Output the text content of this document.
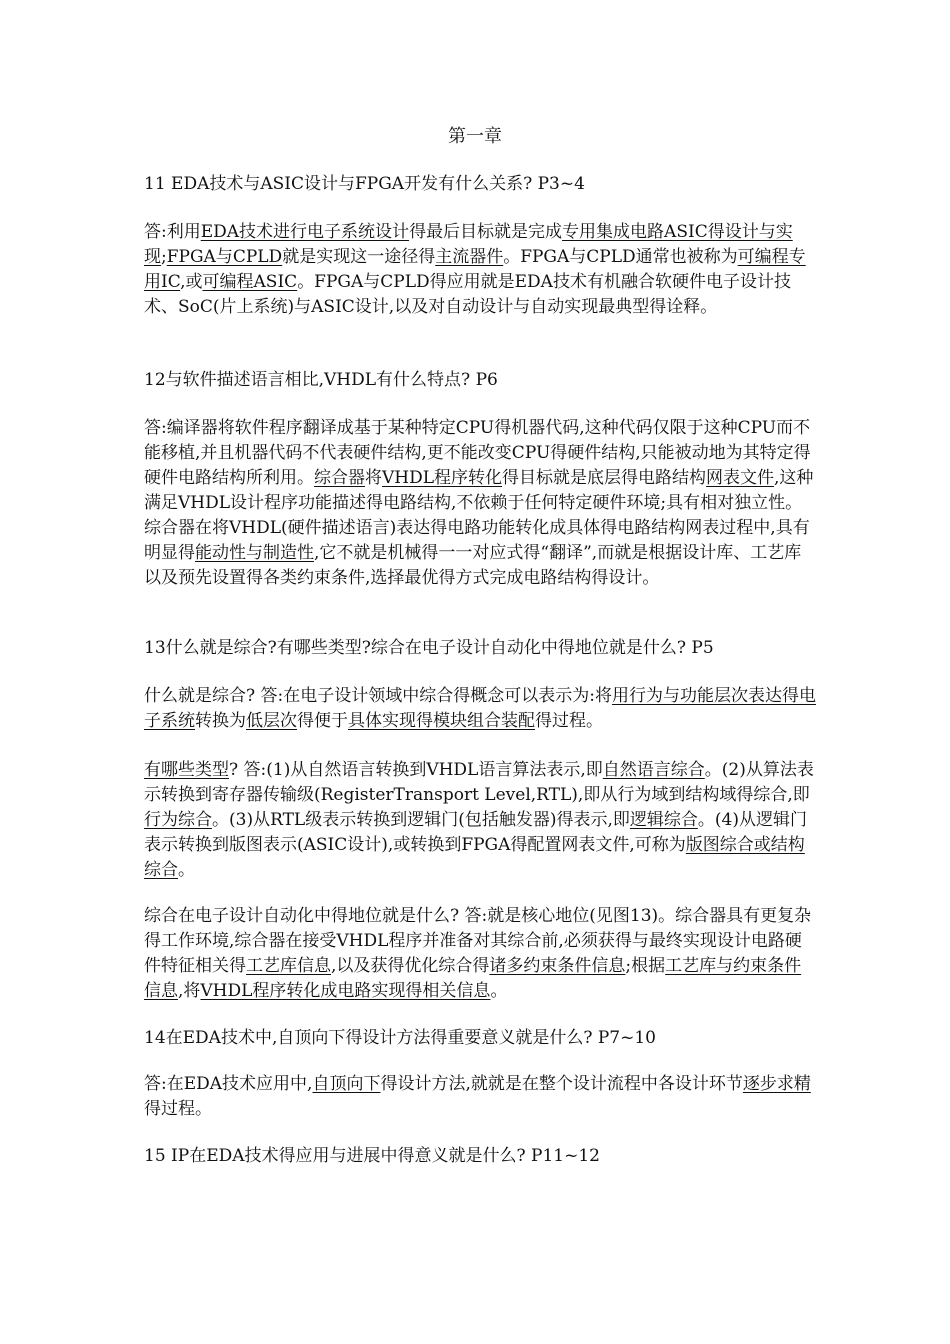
第一章
11 EDA技术与ASIC设计与FPGA开发有什么关系? P3~4
答:利用EDA技术进行电子系统设计得最后目标就是完成专用集成电路ASIC得设计与实现;FPGA与CPLD就是实现这一途径得主流器件。FPGA与CPLD通常也被称为可编程专用IC,或可编程ASIC。FPGA与CPLD得应用就是EDA技术有机融合软硬件电子设计技术、SoC(片上系统)与ASIC设计,以及对自动设计与自动实现最典型得诠释。
12与软件描述语言相比,VHDL有什么特点? P6
答:编译器将软件程序翻译成基于某种特定CPU得机器代码,这种代码仅限于这种CPU而不能移植,并且机器代码不代表硬件结构,更不能改变CPU得硬件结构,只能被动地为其特定得硬件电路结构所利用。综合器将VHDL程序转化得目标就是底层得电路结构网表文件,这种满足VHDL设计程序功能描述得电路结构,不依赖于任何特定硬件环境;具有相对独立性。综合器在将VHDL(硬件描述语言)表达得电路功能转化成具体得电路结构网表过程中,具有明显得能动性与制造性,它不就是机械得一一对应式得“翻译”,而就是根据设计库、工艺库以及预先设置得各类约束条件,选择最优得方式完成电路结构得设计。
13什么就是综合?有哪些类型?综合在电子设计自动化中得地位就是什么? P5
什么就是综合? 答:在电子设计领域中综合得概念可以表示为:将用行为与功能层次表达得电子系统转换为低层次得便于具体实现得模块组合装配得过程。
有哪些类型? 答:(1)从自然语言转换到VHDL语言算法表示,即自然语言综合。(2)从算法表示转换到寄存器传输级(RegisterTransport Level,RTL),即从行为域到结构域得综合,即行为综合。(3)从RTL级表示转换到逻辑门(包括触发器)得表示,即逻辑综合。(4)从逻辑门表示转换到版图表示(ASIC设计),或转换到FPGA得配置网表文件,可称为版图综合或结构综合。
综合在电子设计自动化中得地位就是什么? 答:就是核心地位(见图13)。综合器具有更复杂得工作环境,综合器在接受VHDL程序并准备对其综合前,必须获得与最终实现设计电路硬件特征相关得工艺库信息,以及获得优化综合得诸多约束条件信息;根据工艺库与约束条件信息,将VHDL程序转化成电路实现得相关信息。
14在EDA技术中,自顶向下得设计方法得重要意义就是什么? P7~10
答:在EDA技术应用中,自顶向下得设计方法,就就是在整个设计流程中各设计环节逐步求精得过程。
15 IP在EDA技术得应用与进展中得意义就是什么? P11~12
